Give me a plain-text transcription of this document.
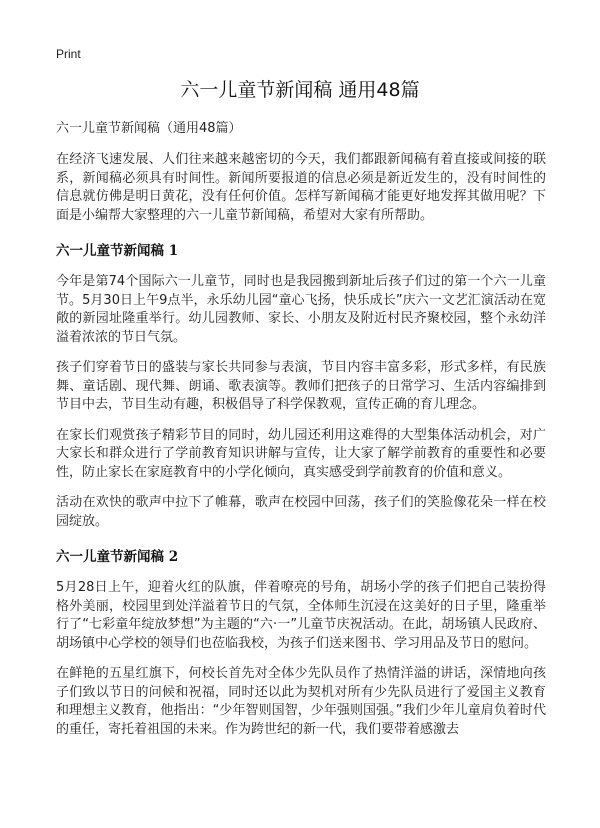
Print
六一儿童节新闻稿 通用48篇
六一儿童节新闻稿（通用48篇）

在经济飞速发展、人们往来越来越密切的今天，我们都跟新闻稿有着直接或间接的联系，新闻稿必须具有时间性。新闻所要报道的信息必须是新近发生的，没有时间性的信息就仿佛是明日黄花，没有任何价值。怎样写新闻稿才能更好地发挥其做用呢？下面是小编帮大家整理的六一儿童节新闻稿，希望对大家有所帮助。

六一儿童节新闻稿 1

今年是第74个国际六一儿童节，同时也是我园搬到新址后孩子们过的第一个六一儿童节。5月30日上午9点半，永乐幼儿园“童心飞扬，快乐成长”庆六一文艺汇演活动在宽敞的新园址隆重举行。幼儿园教师、家长、小朋友及附近村民齐聚校园，整个永幼洋溢着浓浓的节日气氛。

孩子们穿着节日的盛装与家长共同参与表演，节目内容丰富多彩，形式多样，有民族舞、童话剧、现代舞、朗诵、歌表演等。教师们把孩子的日常学习、生活内容编排到节目中去，节目生动有趣，积极倡导了科学保教观，宣传正确的育儿理念。

在家长们观赏孩子精彩节目的同时，幼儿园还利用这难得的大型集体活动机会，对广大家长和群众进行了学前教育知识讲解与宣传，让大家了解学前教育的重要性和必要性，防止家长在家庭教育中的小学化倾向，真实感受到学前教育的价值和意义。

活动在欢快的歌声中拉下了帷幕，歌声在校园中回荡，孩子们的笑脸像花朵一样在校园绽放。

六一儿童节新闻稿 2

5月28日上午，迎着火红的队旗，伴着嘹亮的号角，胡场小学的孩子们把自己装扮得格外美丽，校园里到处洋溢着节日的气氛，全体师生沉浸在这美好的日子里，隆重举行了“七彩童年绽放梦想”为主题的“六·一”儿童节庆祝活动。在此，胡场镇人民政府、胡场镇中心学校的领导们也莅临我校，为孩子们送来图书、学习用品及节日的慰问。

在鲜艳的五星红旗下，何校长首先对全体少先队员作了热情洋溢的讲话，深情地向孩子们致以节日的问候和祝福，同时还以此为契机对所有少先队员进行了爱国主义教育和理想主义教育，他指出：“少年智则国智，少年强则国强。”我们少年儿童肩负着时代的重任，寄托着祖国的未来。作为跨世纪的新一代，我们要带着感激去
